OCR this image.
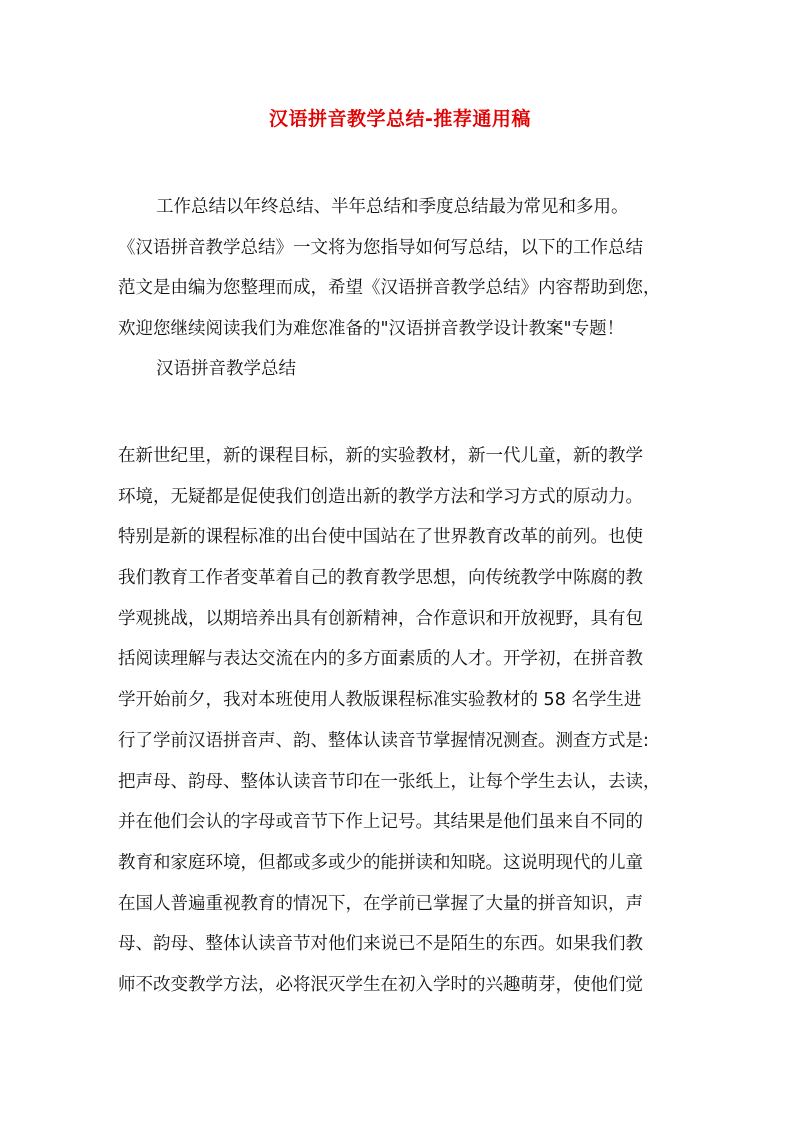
汉语拼音教学总结-推荐通用稿
工作总结以年终总结、半年总结和季度总结最为常见和多用。
《汉语拼音教学总结》一文将为您指导如何写总结，以下的工作总结
范文是由编为您整理而成，希望《汉语拼音教学总结》内容帮助到您，
欢迎您继续阅读我们为难您准备的"汉语拼音教学设计教案"专题！
汉语拼音教学总结
在新世纪里，新的课程目标，新的实验教材，新一代儿童，新的教学
环境，无疑都是促使我们创造出新的教学方法和学习方式的原动力。
特别是新的课程标准的出台使中国站在了世界教育改革的前列。也使
我们教育工作者变革着自己的教育教学思想，向传统教学中陈腐的教
学观挑战，以期培养出具有创新精神，合作意识和开放视野，具有包
括阅读理解与表达交流在内的多方面素质的人才。开学初，在拼音教
学开始前夕，我对本班使用人教版课程标准实验教材的 58 名学生进
行了学前汉语拼音声、韵、整体认读音节掌握情况测查。测查方式是:
把声母、韵母、整体认读音节印在一张纸上，让每个学生去认，去读，
并在他们会认的字母或音节下作上记号。其结果是他们虽来自不同的
教育和家庭环境，但都或多或少的能拼读和知晓。这说明现代的儿童
在国人普遍重视教育的情况下，在学前已掌握了大量的拼音知识，声
母、韵母、整体认读音节对他们来说已不是陌生的东西。如果我们教
师不改变教学方法，必将泯灭学生在初入学时的兴趣萌芽，使他们觉
